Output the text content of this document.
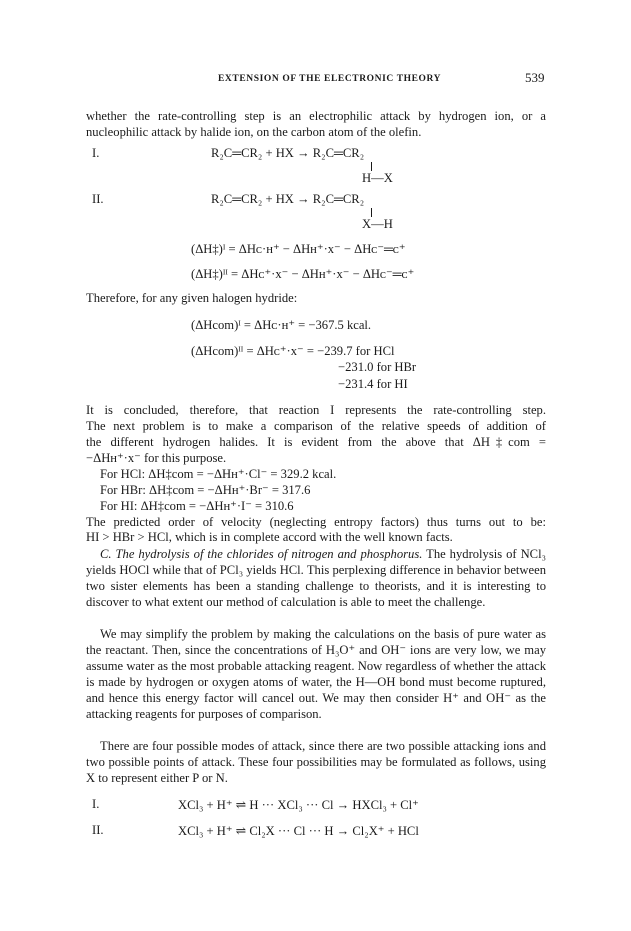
EXTENSION OF THE ELECTRONIC THEORY	539

whether the rate-controlling step is an electrophilic attack by hydrogen ion, or a nucleophilic attack by halide ion, on the carbon atom of the olefin.

I.	R₂C═CR₂ + HX → R₂C═CR₂
H—X
II.	R₂C═CR₂ + HX → R₂C═CR₂
X—H
(ΔH‡)ᴵ = ΔHᴄ·ʜ⁺ − ΔHʜ⁺·x⁻ − ΔHᴄ⁻═ᴄ⁺
(ΔH‡)ᴵᴵ = ΔHᴄ⁺·x⁻ − ΔHʜ⁺·x⁻ − ΔHᴄ⁻═ᴄ⁺
Therefore, for any given halogen hydride:
(ΔHcom)ᴵ = ΔHᴄ·ʜ⁺ = −367.5 kcal.
(ΔHcom)ᴵᴵ = ΔHᴄ⁺·x⁻ = −239.7 for HCl
−231.0 for HBr
−231.4 for HI
It is concluded, therefore, that reaction I represents the rate-controlling step.
The next problem is to make a comparison of the relative speeds of addition of
the different hydrogen halides. It is evident from the above that ΔH‡com =
−ΔHʜ⁺·x⁻ for this purpose.
For HCl: ΔH‡com = −ΔHʜ⁺·Cl⁻ = 329.2 kcal.
For HBr: ΔH‡com = −ΔHʜ⁺·Br⁻ = 317.6
For HI: ΔH‡com = −ΔHʜ⁺·I⁻ = 310.6
The predicted order of velocity (neglecting entropy factors) thus turns out to be:
HI > HBr > HCl, which is in complete accord with the well known facts.

C. The hydrolysis of the chlorides of nitrogen and phosphorus. The hydrolysis of NCl₃ yields HOCl while that of PCl₃ yields HCl. This perplexing difference in behavior between two sister elements has been a standing challenge to theorists, and it is interesting to discover to what extent our method of calculation is able to meet the challenge.

We may simplify the problem by making the calculations on the basis of pure water as the reactant. Then, since the concentrations of H₃O⁺ and OH⁻ ions are very low, we may assume water as the most probable attacking reagent. Now regardless of whether the attack is made by hydrogen or oxygen atoms of water, the H—OH bond must become ruptured, and hence this energy factor will cancel out. We may then consider H⁺ and OH⁻ as the attacking reagents for purposes of comparison.

There are four possible modes of attack, since there are two possible attacking ions and two possible points of attack. These four possibilities may be formulated as follows, using X to represent either P or N.

I.	XCl₃ + H⁺ ⇌ H ··· XCl₃ ··· Cl → HXCl₃ + Cl⁺
II.	XCl₃ + H⁺ ⇌ Cl₂X ··· Cl ··· H → Cl₂X⁺ + HCl
